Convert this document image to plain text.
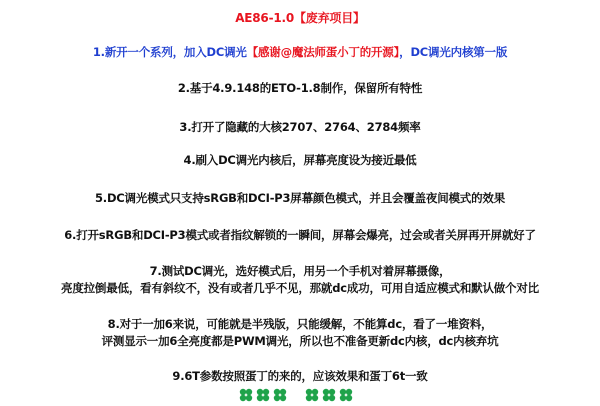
AE86-1.0【废弃项目】
1.新开一个系列，加入DC调光【感谢@魔法师蛋小丁的开源】，DC调光内核第一版
2.基于4.9.148的ETO-1.8制作，保留所有特性
3.打开了隐藏的大核2707、2764、2784频率
4.刷入DC调光内核后，屏幕亮度设为接近最低
5.DC调光模式只支持sRGB和DCI-P3屏幕颜色模式，并且会覆盖夜间模式的效果
6.打开sRGB和DCI-P3模式或者指纹解锁的一瞬间，屏幕会爆亮，过会或者关屏再开屏就好了
7.测试DC调光，选好模式后，用另一个手机对着屏幕摄像，
亮度拉倒最低，看有斜纹不，没有或者几乎不见，那就dc成功，可用自适应模式和默认做个对比
8.对于一加6来说，可能就是半残版，只能缓解，不能算dc，看了一堆资料，
评测显示一加6全亮度都是PWM调光，所以也不准备更新dc内核，dc内核弃坑
9.6T参数按照蛋丁的来的，应该效果和蛋丁6t一致
